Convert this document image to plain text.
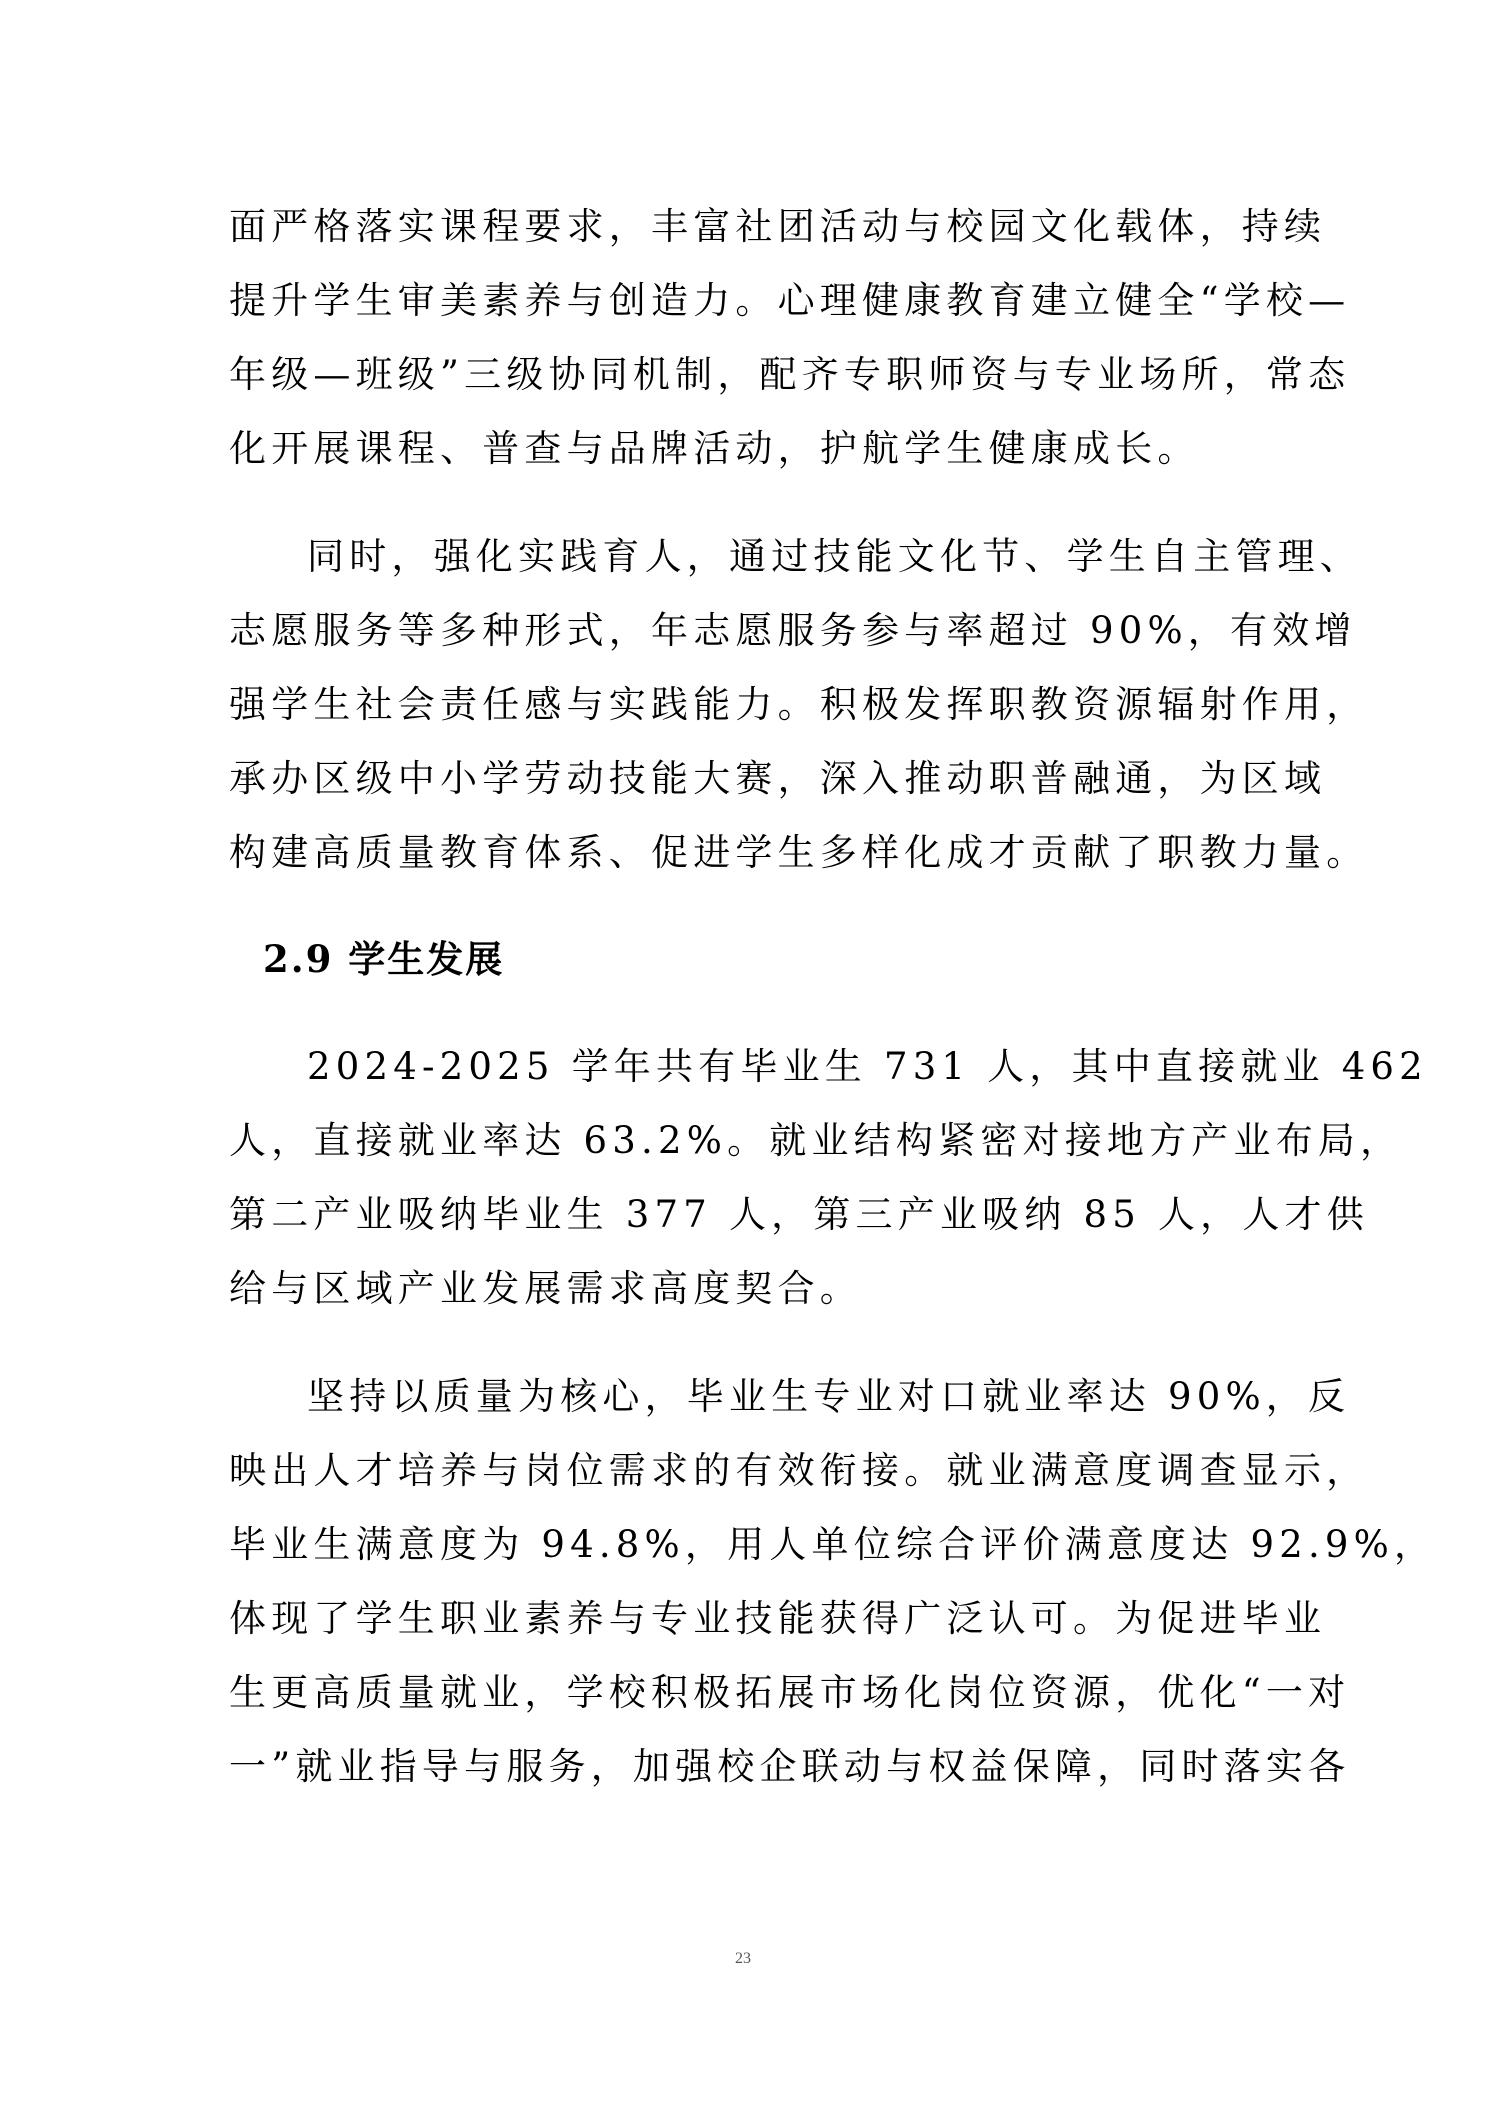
面严格落实课程要求，丰富社团活动与校园文化载体，持续
提升学生审美素养与创造力。心理健康教育建立健全“学校—
年级—班级”三级协同机制，配齐专职师资与专业场所，常态
化开展课程、普查与品牌活动，护航学生健康成长。
同时，强化实践育人，通过技能文化节、学生自主管理、
志愿服务等多种形式，年志愿服务参与率超过 90%，有效增
强学生社会责任感与实践能力。积极发挥职教资源辐射作用，
承办区级中小学劳动技能大赛，深入推动职普融通，为区域
构建高质量教育体系、促进学生多样化成才贡献了职教力量。
2.9 学生发展
2024-2025 学年共有毕业生 731 人，其中直接就业 462
人，直接就业率达 63.2%。就业结构紧密对接地方产业布局，
第二产业吸纳毕业生 377 人，第三产业吸纳 85 人，人才供
给与区域产业发展需求高度契合。
坚持以质量为核心，毕业生专业对口就业率达 90%，反
映出人才培养与岗位需求的有效衔接。就业满意度调查显示，
毕业生满意度为 94.8%，用人单位综合评价满意度达 92.9%，
体现了学生职业素养与专业技能获得广泛认可。为促进毕业
生更高质量就业，学校积极拓展市场化岗位资源，优化“一对
一”就业指导与服务，加强校企联动与权益保障，同时落实各
23
